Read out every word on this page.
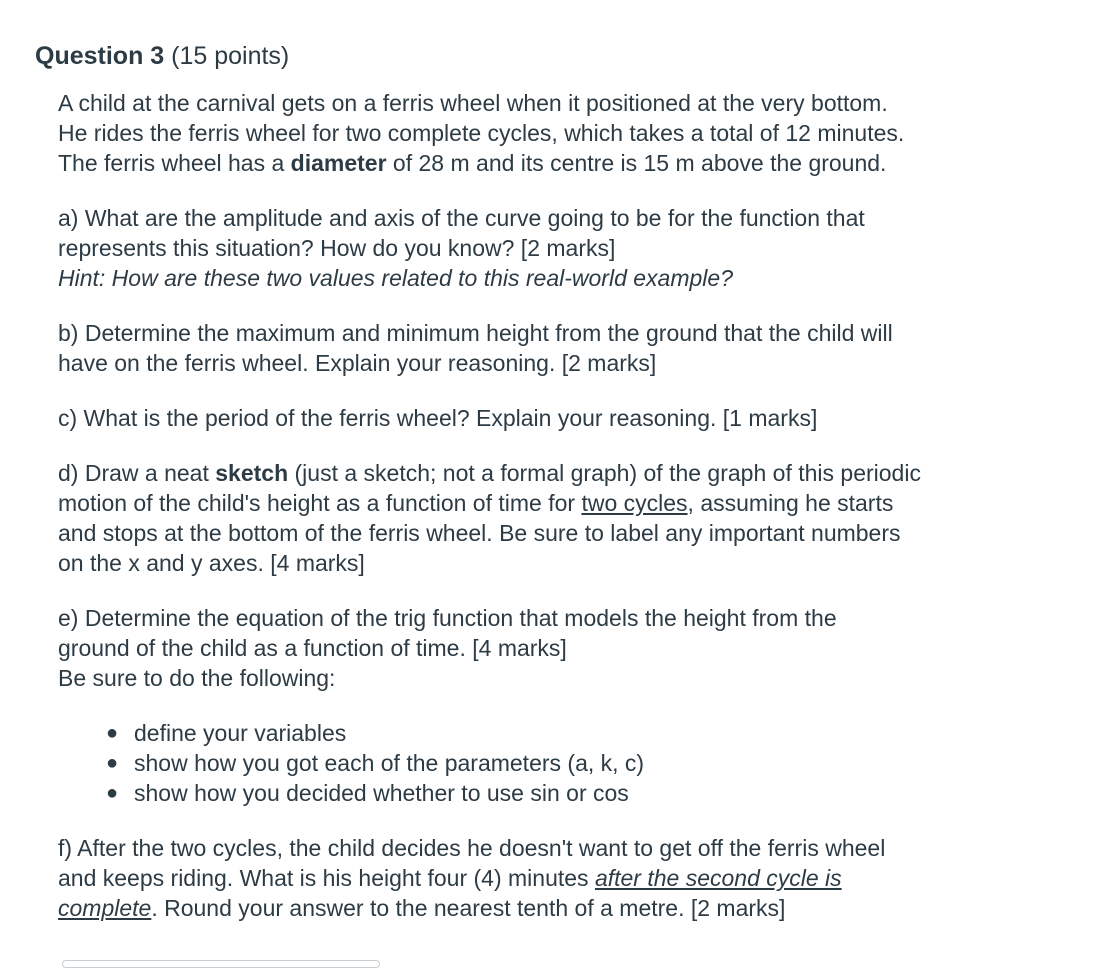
Question 3 (15 points)

A child at the carnival gets on a ferris wheel when it positioned at the very bottom.
He rides the ferris wheel for two complete cycles, which takes a total of 12 minutes.
The ferris wheel has a diameter of 28 m and its centre is 15 m above the ground.

a) What are the amplitude and axis of the curve going to be for the function that
represents this situation? How do you know? [2 marks]
Hint: How are these two values related to this real-world example?

b) Determine the maximum and minimum height from the ground that the child will
have on the ferris wheel. Explain your reasoning. [2 marks]

c) What is the period of the ferris wheel? Explain your reasoning. [1 marks]

d) Draw a neat sketch (just a sketch; not a formal graph) of the graph of this periodic
motion of the child's height as a function of time for two cycles, assuming he starts
and stops at the bottom of the ferris wheel. Be sure to label any important numbers
on the x and y axes. [4 marks]

e) Determine the equation of the trig function that models the height from the
ground of the child as a function of time. [4 marks]
Be sure to do the following:

● define your variables
● show how you got each of the parameters (a, k, c)
● show how you decided whether to use sin or cos

f) After the two cycles, the child decides he doesn't want to get off the ferris wheel
and keeps riding. What is his height four (4) minutes after the second cycle is
complete. Round your answer to the nearest tenth of a metre. [2 marks]
